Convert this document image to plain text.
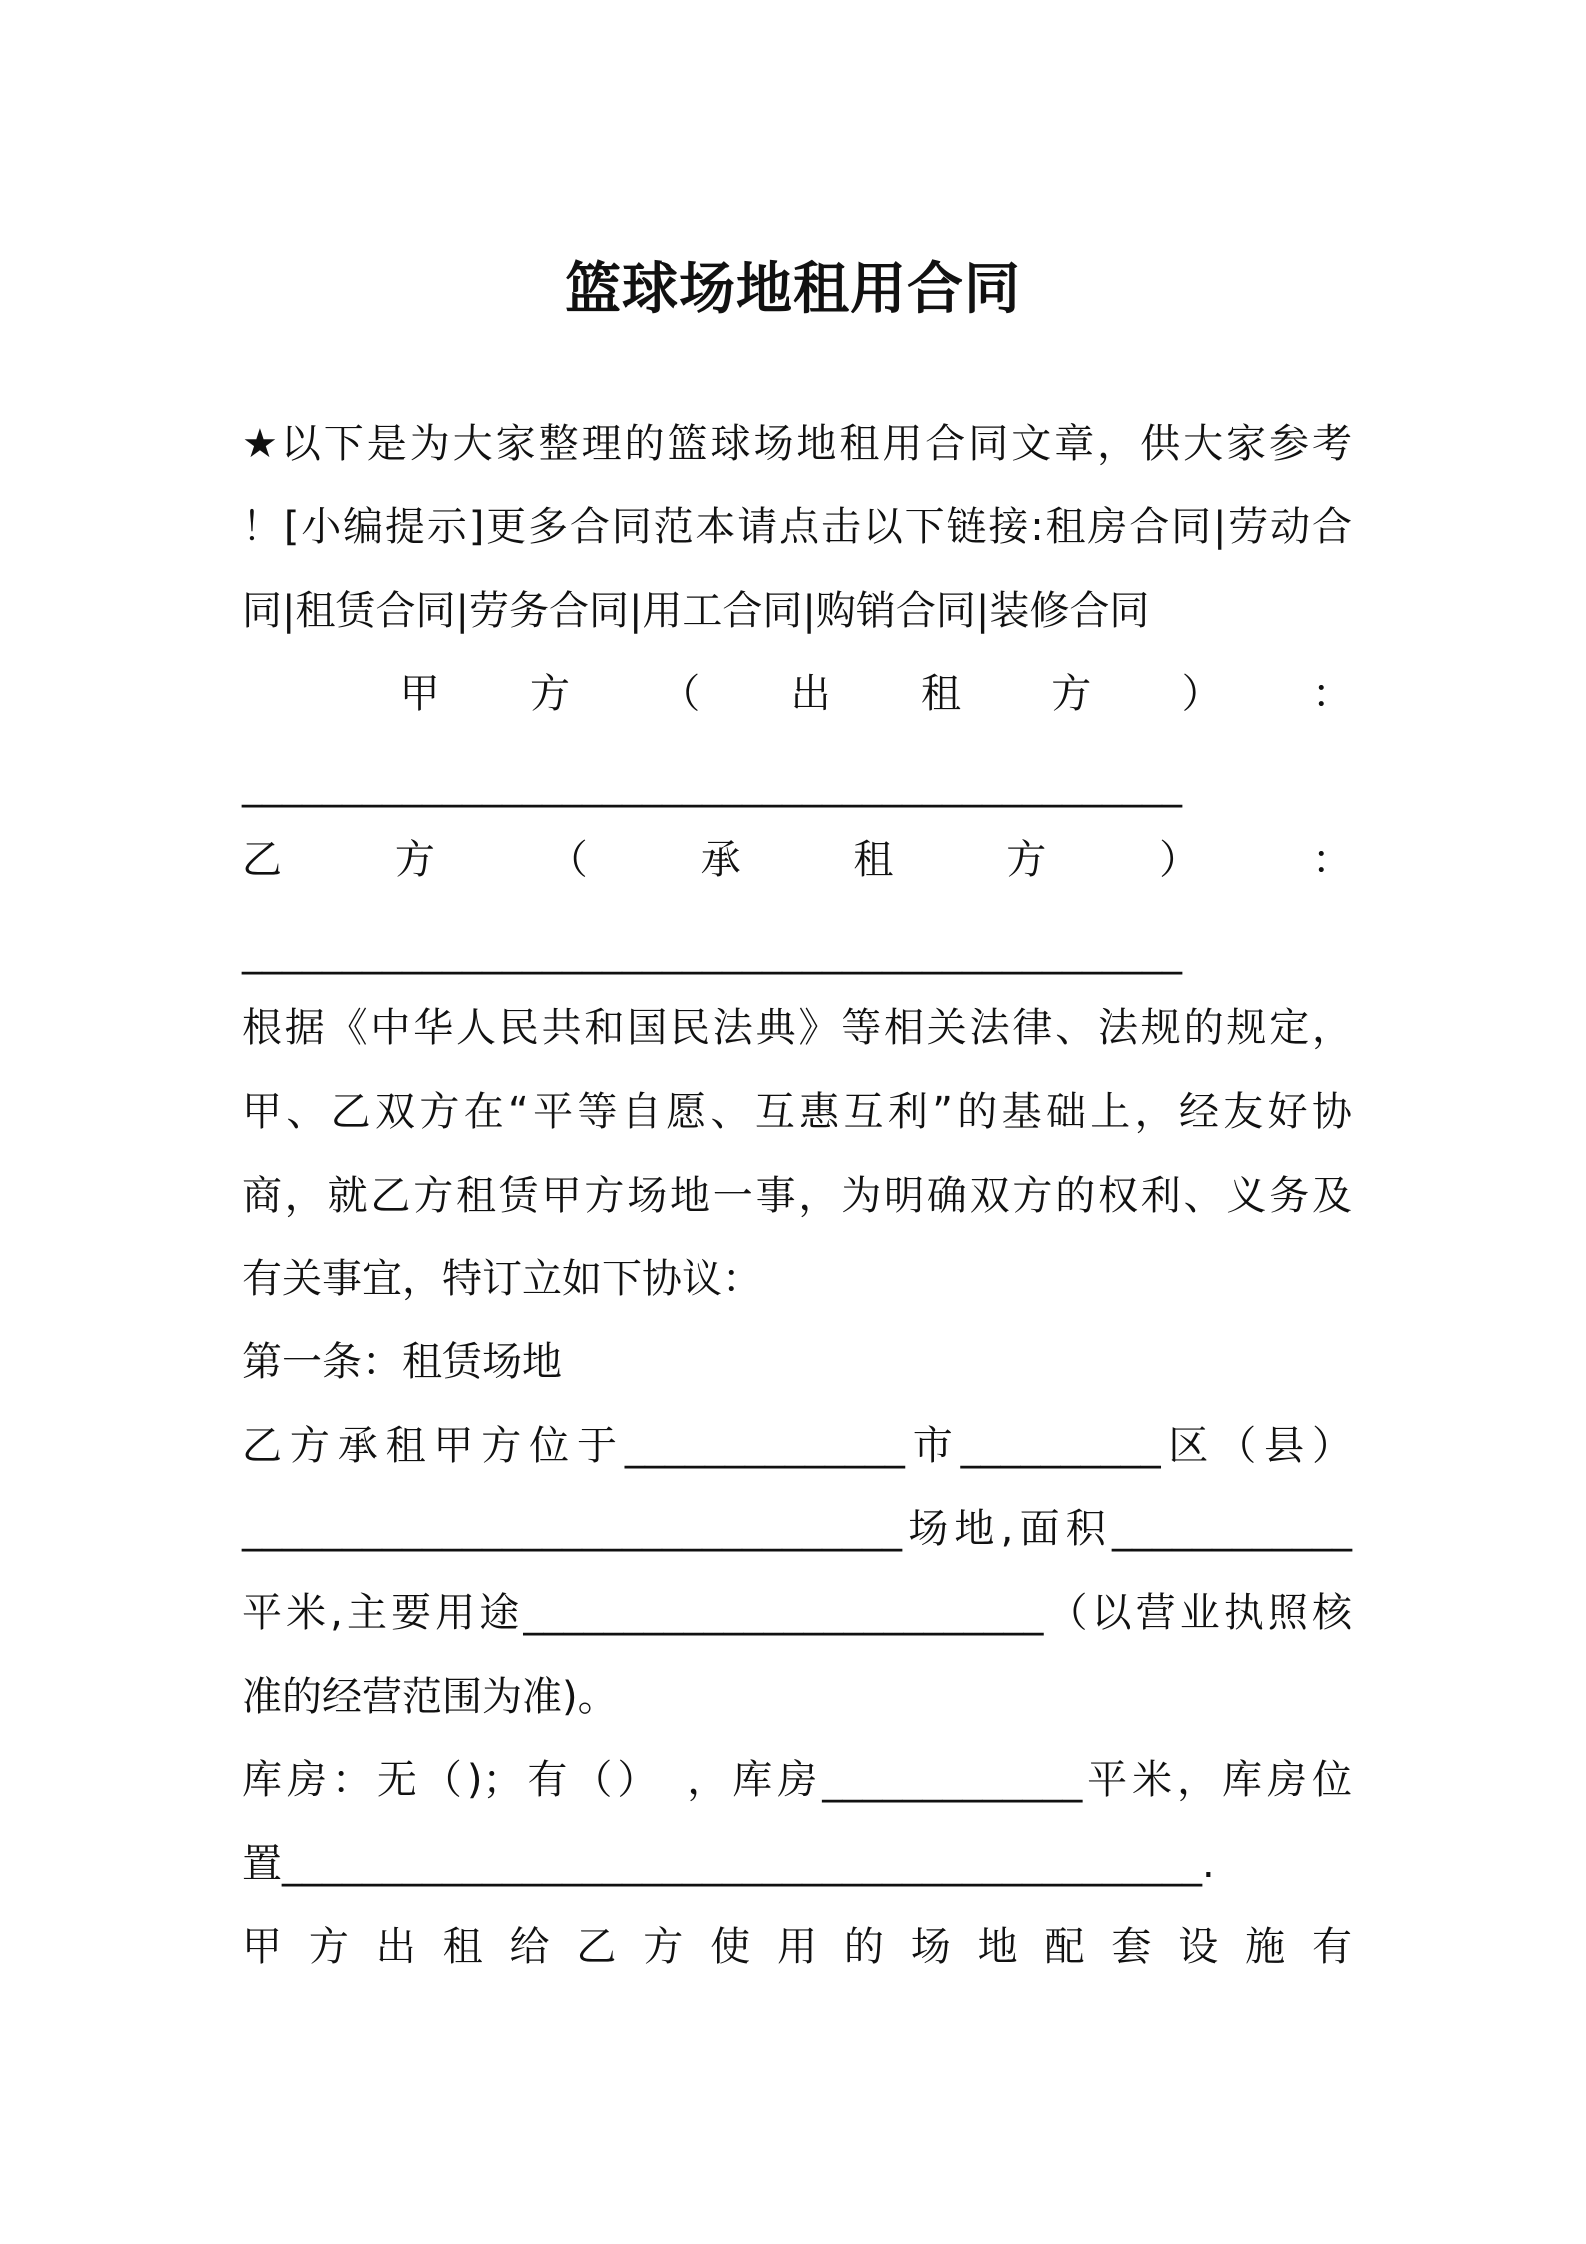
篮球场地租用合同
★以下是为大家整理的篮球场地租用合同文章，供大家参考
！[小编提示]更多合同范本请点击以下链接:租房合同|劳动合
同|租赁合同|劳务合同|用工合同|购销合同|装修合同
　　甲 方 （ 出 租 方 ） ：
_______________________________________________
乙 方 （ 承 租 方 ） ：
_______________________________________________
根据《中华人民共和国民法典》等相关法律、法规的规定，
甲、乙双方在“平等自愿、互惠互利”的基础上，经友好协
商，就乙方租赁甲方场地一事，为明确双方的权利、义务及
有关事宜，特订立如下协议：
第一条：租赁场地
乙方承租甲方位于______________市__________区（县）
_________________________________场地,面积____________
平米,主要用途__________________________（以营业执照核
准的经营范围为准)。
库房：无（)；有（）　，库房_____________平米，库房位
置______________________________________________.
甲方出租给乙方使用的场地配套设施有
